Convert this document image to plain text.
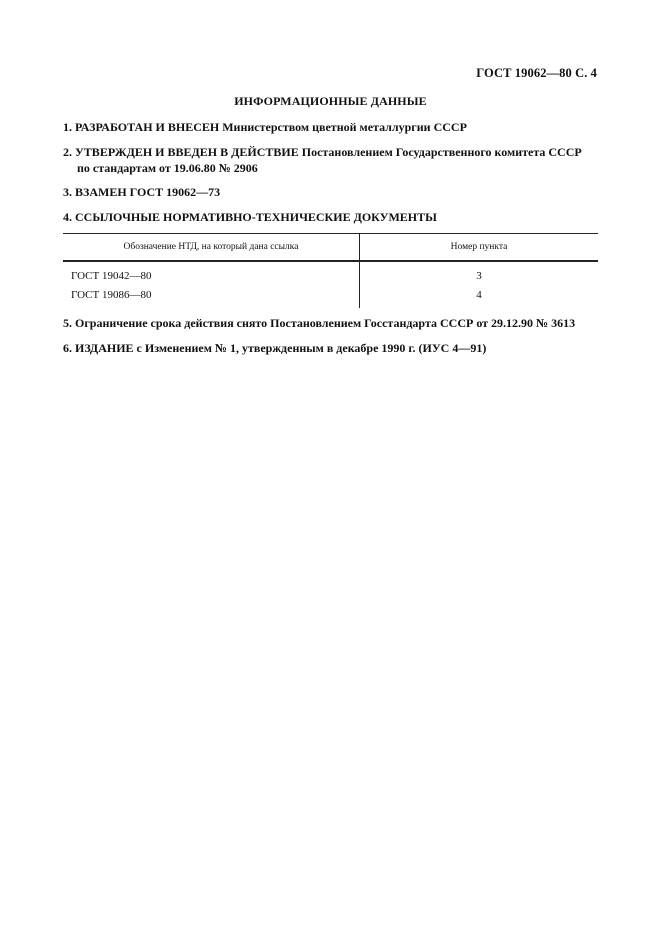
ГОСТ 19062—80 С. 4
ИНФОРМАЦИОННЫЕ ДАННЫЕ
1. РАЗРАБОТАН И ВНЕСЕН Министерством цветной металлургии СССР
2. УТВЕРЖДЕН И ВВЕДЕН В ДЕЙСТВИЕ Постановлением Государственного комитета СССР
по стандартам от 19.06.80 № 2906
3. ВЗАМЕН ГОСТ 19062—73
4. ССЫЛОЧНЫЕ НОРМАТИВНО-ТЕХНИЧЕСКИЕ ДОКУМЕНТЫ
Обозначение НТД, на который дана ссылка	Номер пункта
ГОСТ 19042—80	3
ГОСТ 19086—80	4
5. Ограничение срока действия снято Постановлением Госстандарта СССР от 29.12.90 № 3613
6. ИЗДАНИЕ с Изменением № 1, утвержденным в декабре 1990 г. (ИУС 4—91)
